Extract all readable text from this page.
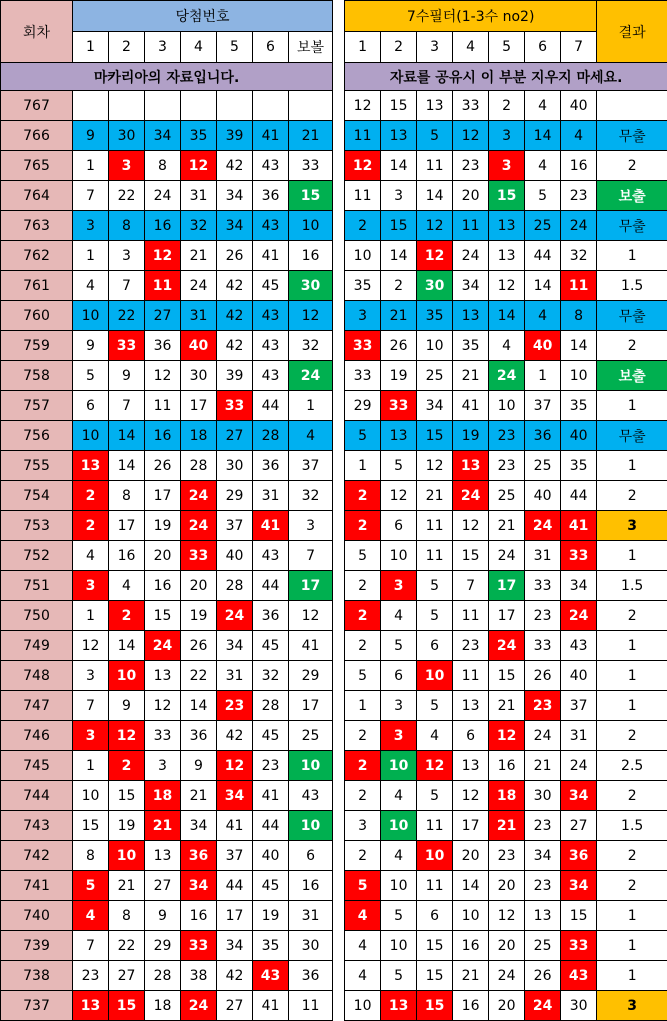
회차	당첨번호								7수필터(1-3수 no2)							결과
	1	2	3	4	5	6	보볼		1	2	3	4	5	6	7	
마카리아의 자료입니다.									자료를 공유시 이 부분 지우지 마세요.							
767									12	15	13	33	2	4	40	
766	9	30	34	35	39	41	21		11	13	5	12	3	14	4	무출
765	1	3	8	12	42	43	33		12	14	11	23	3	4	16	2
764	7	22	24	31	34	36	15		11	3	14	20	15	5	23	보출
763	3	8	16	32	34	43	10		2	15	12	11	13	25	24	무출
762	1	3	12	21	26	41	16		10	14	12	24	13	44	32	1
761	4	7	11	24	42	45	30		35	2	30	34	12	14	11	1.5
760	10	22	27	31	42	43	12		3	21	35	13	14	4	8	무출
759	9	33	36	40	42	43	32		33	26	10	35	4	40	14	2
758	5	9	12	30	39	43	24		33	19	25	21	24	1	10	보출
757	6	7	11	17	33	44	1		29	33	34	41	10	37	35	1
756	10	14	16	18	27	28	4		5	13	15	19	23	36	40	무출
755	13	14	26	28	30	36	37		1	5	12	13	23	25	35	1
754	2	8	17	24	29	31	32		2	12	21	24	25	40	44	2
753	2	17	19	24	37	41	3		2	6	11	12	21	24	41	3
752	4	16	20	33	40	43	7		5	10	11	15	24	31	33	1
751	3	4	16	20	28	44	17		2	3	5	7	17	33	34	1.5
750	1	2	15	19	24	36	12		2	4	5	11	17	23	24	2
749	12	14	24	26	34	45	41		2	5	6	23	24	33	43	1
748	3	10	13	22	31	32	29		5	6	10	11	15	26	40	1
747	7	9	12	14	23	28	17		1	3	5	13	21	23	37	1
746	3	12	33	36	42	45	25		2	3	4	6	12	24	31	2
745	1	2	3	9	12	23	10		2	10	12	13	16	21	24	2.5
744	10	15	18	21	34	41	43		2	4	5	12	18	30	34	2
743	15	19	21	34	41	44	10		3	10	11	17	21	23	27	1.5
742	8	10	13	36	37	40	6		2	4	10	20	23	34	36	2
741	5	21	27	34	44	45	16		5	10	11	14	20	23	34	2
740	4	8	9	16	17	19	31		4	5	6	10	12	13	15	1
739	7	22	29	33	34	35	30		4	10	15	16	20	25	33	1
738	23	27	28	38	42	43	36		4	5	15	21	24	26	43	1
737	13	15	18	24	27	41	11		10	13	15	16	20	24	30	3
